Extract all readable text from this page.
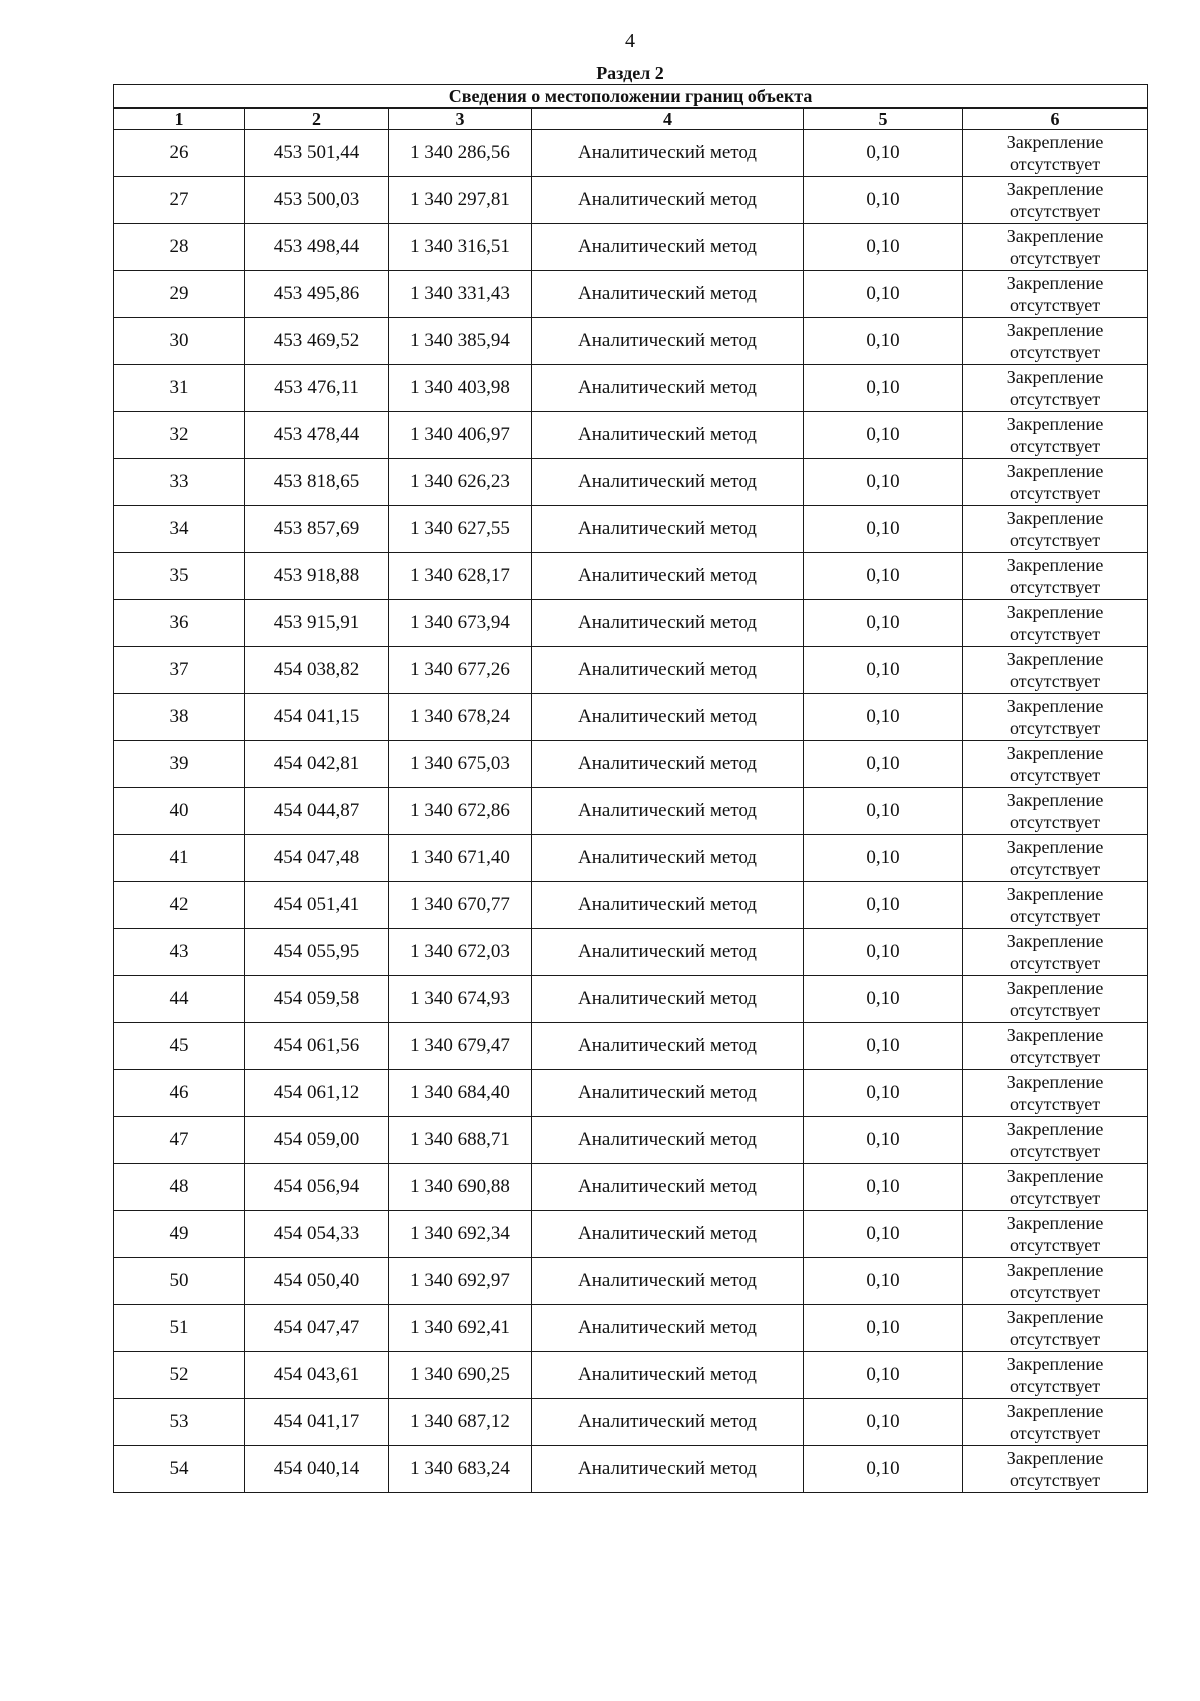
4
Раздел 2
Сведения о местоположении границ объекта					
1	2	3	4	5	6
26	453 501,44	1 340 286,56	Аналитический метод	0,10	Закрепление
отсутствует

27	453 500,03	1 340 297,81	Аналитический метод	0,10	Закрепление
отсутствует

28	453 498,44	1 340 316,51	Аналитический метод	0,10	Закрепление
отсутствует

29	453 495,86	1 340 331,43	Аналитический метод	0,10	Закрепление
отсутствует

30	453 469,52	1 340 385,94	Аналитический метод	0,10	Закрепление
отсутствует

31	453 476,11	1 340 403,98	Аналитический метод	0,10	Закрепление
отсутствует

32	453 478,44	1 340 406,97	Аналитический метод	0,10	Закрепление
отсутствует

33	453 818,65	1 340 626,23	Аналитический метод	0,10	Закрепление
отсутствует

34	453 857,69	1 340 627,55	Аналитический метод	0,10	Закрепление
отсутствует

35	453 918,88	1 340 628,17	Аналитический метод	0,10	Закрепление
отсутствует

36	453 915,91	1 340 673,94	Аналитический метод	0,10	Закрепление
отсутствует

37	454 038,82	1 340 677,26	Аналитический метод	0,10	Закрепление
отсутствует

38	454 041,15	1 340 678,24	Аналитический метод	0,10	Закрепление
отсутствует

39	454 042,81	1 340 675,03	Аналитический метод	0,10	Закрепление
отсутствует

40	454 044,87	1 340 672,86	Аналитический метод	0,10	Закрепление
отсутствует

41	454 047,48	1 340 671,40	Аналитический метод	0,10	Закрепление
отсутствует

42	454 051,41	1 340 670,77	Аналитический метод	0,10	Закрепление
отсутствует

43	454 055,95	1 340 672,03	Аналитический метод	0,10	Закрепление
отсутствует

44	454 059,58	1 340 674,93	Аналитический метод	0,10	Закрепление
отсутствует

45	454 061,56	1 340 679,47	Аналитический метод	0,10	Закрепление
отсутствует

46	454 061,12	1 340 684,40	Аналитический метод	0,10	Закрепление
отсутствует

47	454 059,00	1 340 688,71	Аналитический метод	0,10	Закрепление
отсутствует

48	454 056,94	1 340 690,88	Аналитический метод	0,10	Закрепление
отсутствует

49	454 054,33	1 340 692,34	Аналитический метод	0,10	Закрепление
отсутствует

50	454 050,40	1 340 692,97	Аналитический метод	0,10	Закрепление
отсутствует

51	454 047,47	1 340 692,41	Аналитический метод	0,10	Закрепление
отсутствует

52	454 043,61	1 340 690,25	Аналитический метод	0,10	Закрепление
отсутствует

53	454 041,17	1 340 687,12	Аналитический метод	0,10	Закрепление
отсутствует

54	454 040,14	1 340 683,24	Аналитический метод	0,10	Закрепление
отсутствует
